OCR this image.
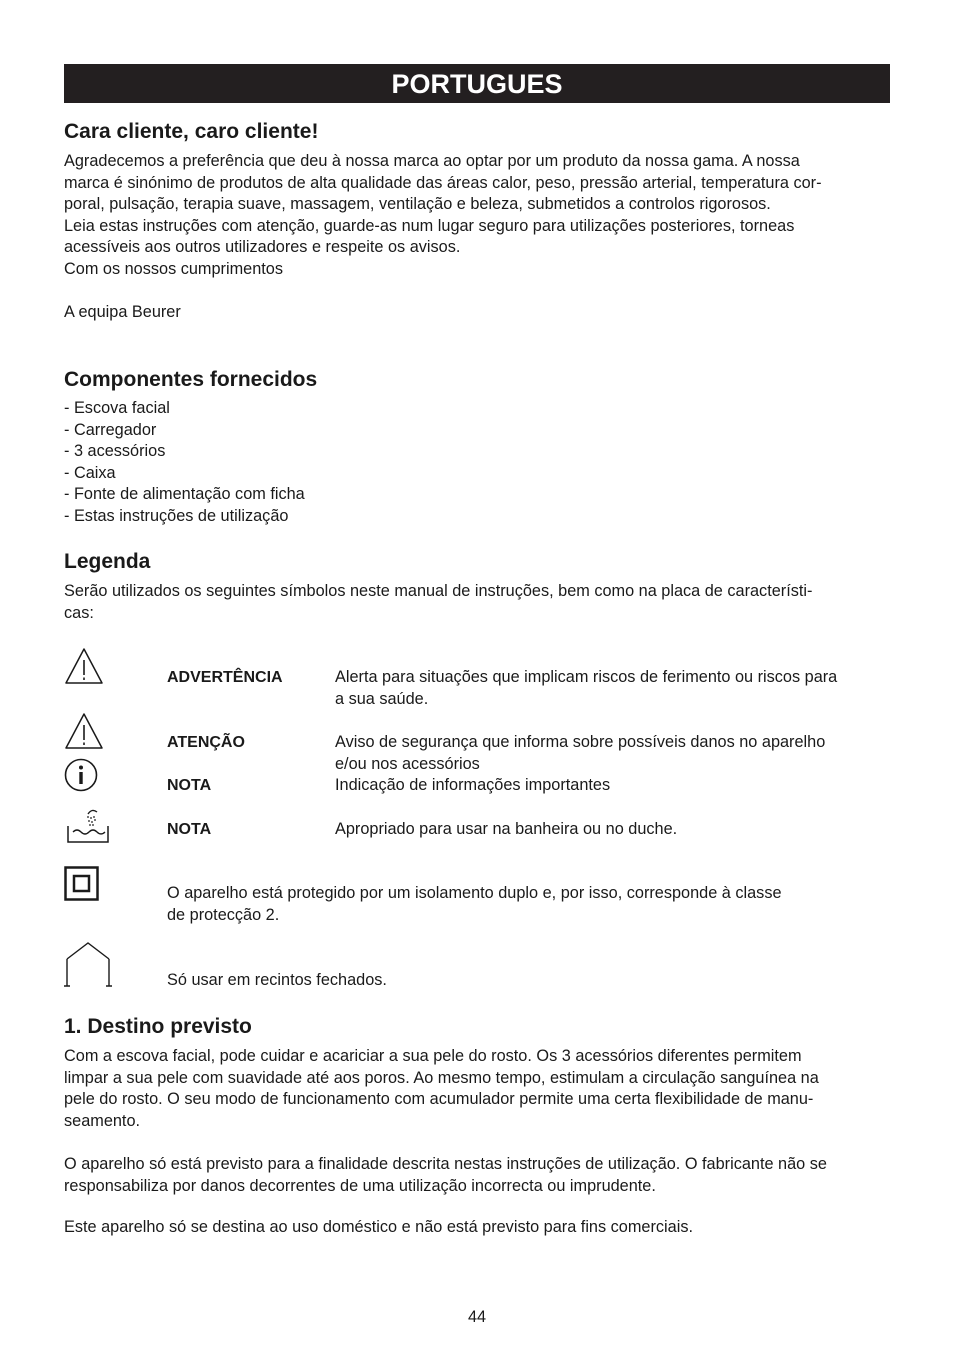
PORTUGUES
Cara cliente, caro cliente!
Agradecemos a preferência que deu à nossa marca ao optar por um produto da nossa gama. A nossa
marca é sinónimo de produtos de alta qualidade das áreas calor, peso, pressão arterial, temperatura cor-
poral, pulsação, terapia suave, massagem, ventilação e beleza, submetidos a controlos rigorosos.
Leia estas instruções com atenção, guarde-as num lugar seguro para utilizações posteriores, torneas
acessíveis aos outros utilizadores e respeite os avisos.
Com os nossos cumprimentos
A equipa Beurer
Componentes fornecidos
- Escova facial
- Carregador
- 3 acessórios
- Caixa
- Fonte de alimentação com ficha
- Estas instruções de utilização
Legenda
Serão utilizados os seguintes símbolos neste manual de instruções, bem como na placa de característi-
cas:
ADVERTÊNCIA	Alerta para situações que implicam riscos de ferimento ou riscos para
a sua saúde.
ATENÇÃO	Aviso de segurança que informa sobre possíveis danos no aparelho
e/ou nos acessórios
NOTA	Indicação de informações importantes
NOTA	Apropriado para usar na banheira ou no duche.
O aparelho está protegido por um isolamento duplo e, por isso, corresponde à classe
de protecção 2.
Só usar em recintos fechados.
1. Destino previsto
Com a escova facial, pode cuidar e acariciar a sua pele do rosto. Os 3 acessórios diferentes permitem
limpar a sua pele com suavidade até aos poros. Ao mesmo tempo, estimulam a circulação sanguínea na
pele do rosto. O seu modo de funcionamento com acumulador permite uma certa flexibilidade de manu-
seamento.
O aparelho só está previsto para a finalidade descrita nestas instruções de utilização. O fabricante não se
responsabiliza por danos decorrentes de uma utilização incorrecta ou imprudente.
Este aparelho só se destina ao uso doméstico e não está previsto para fins comerciais.
44
